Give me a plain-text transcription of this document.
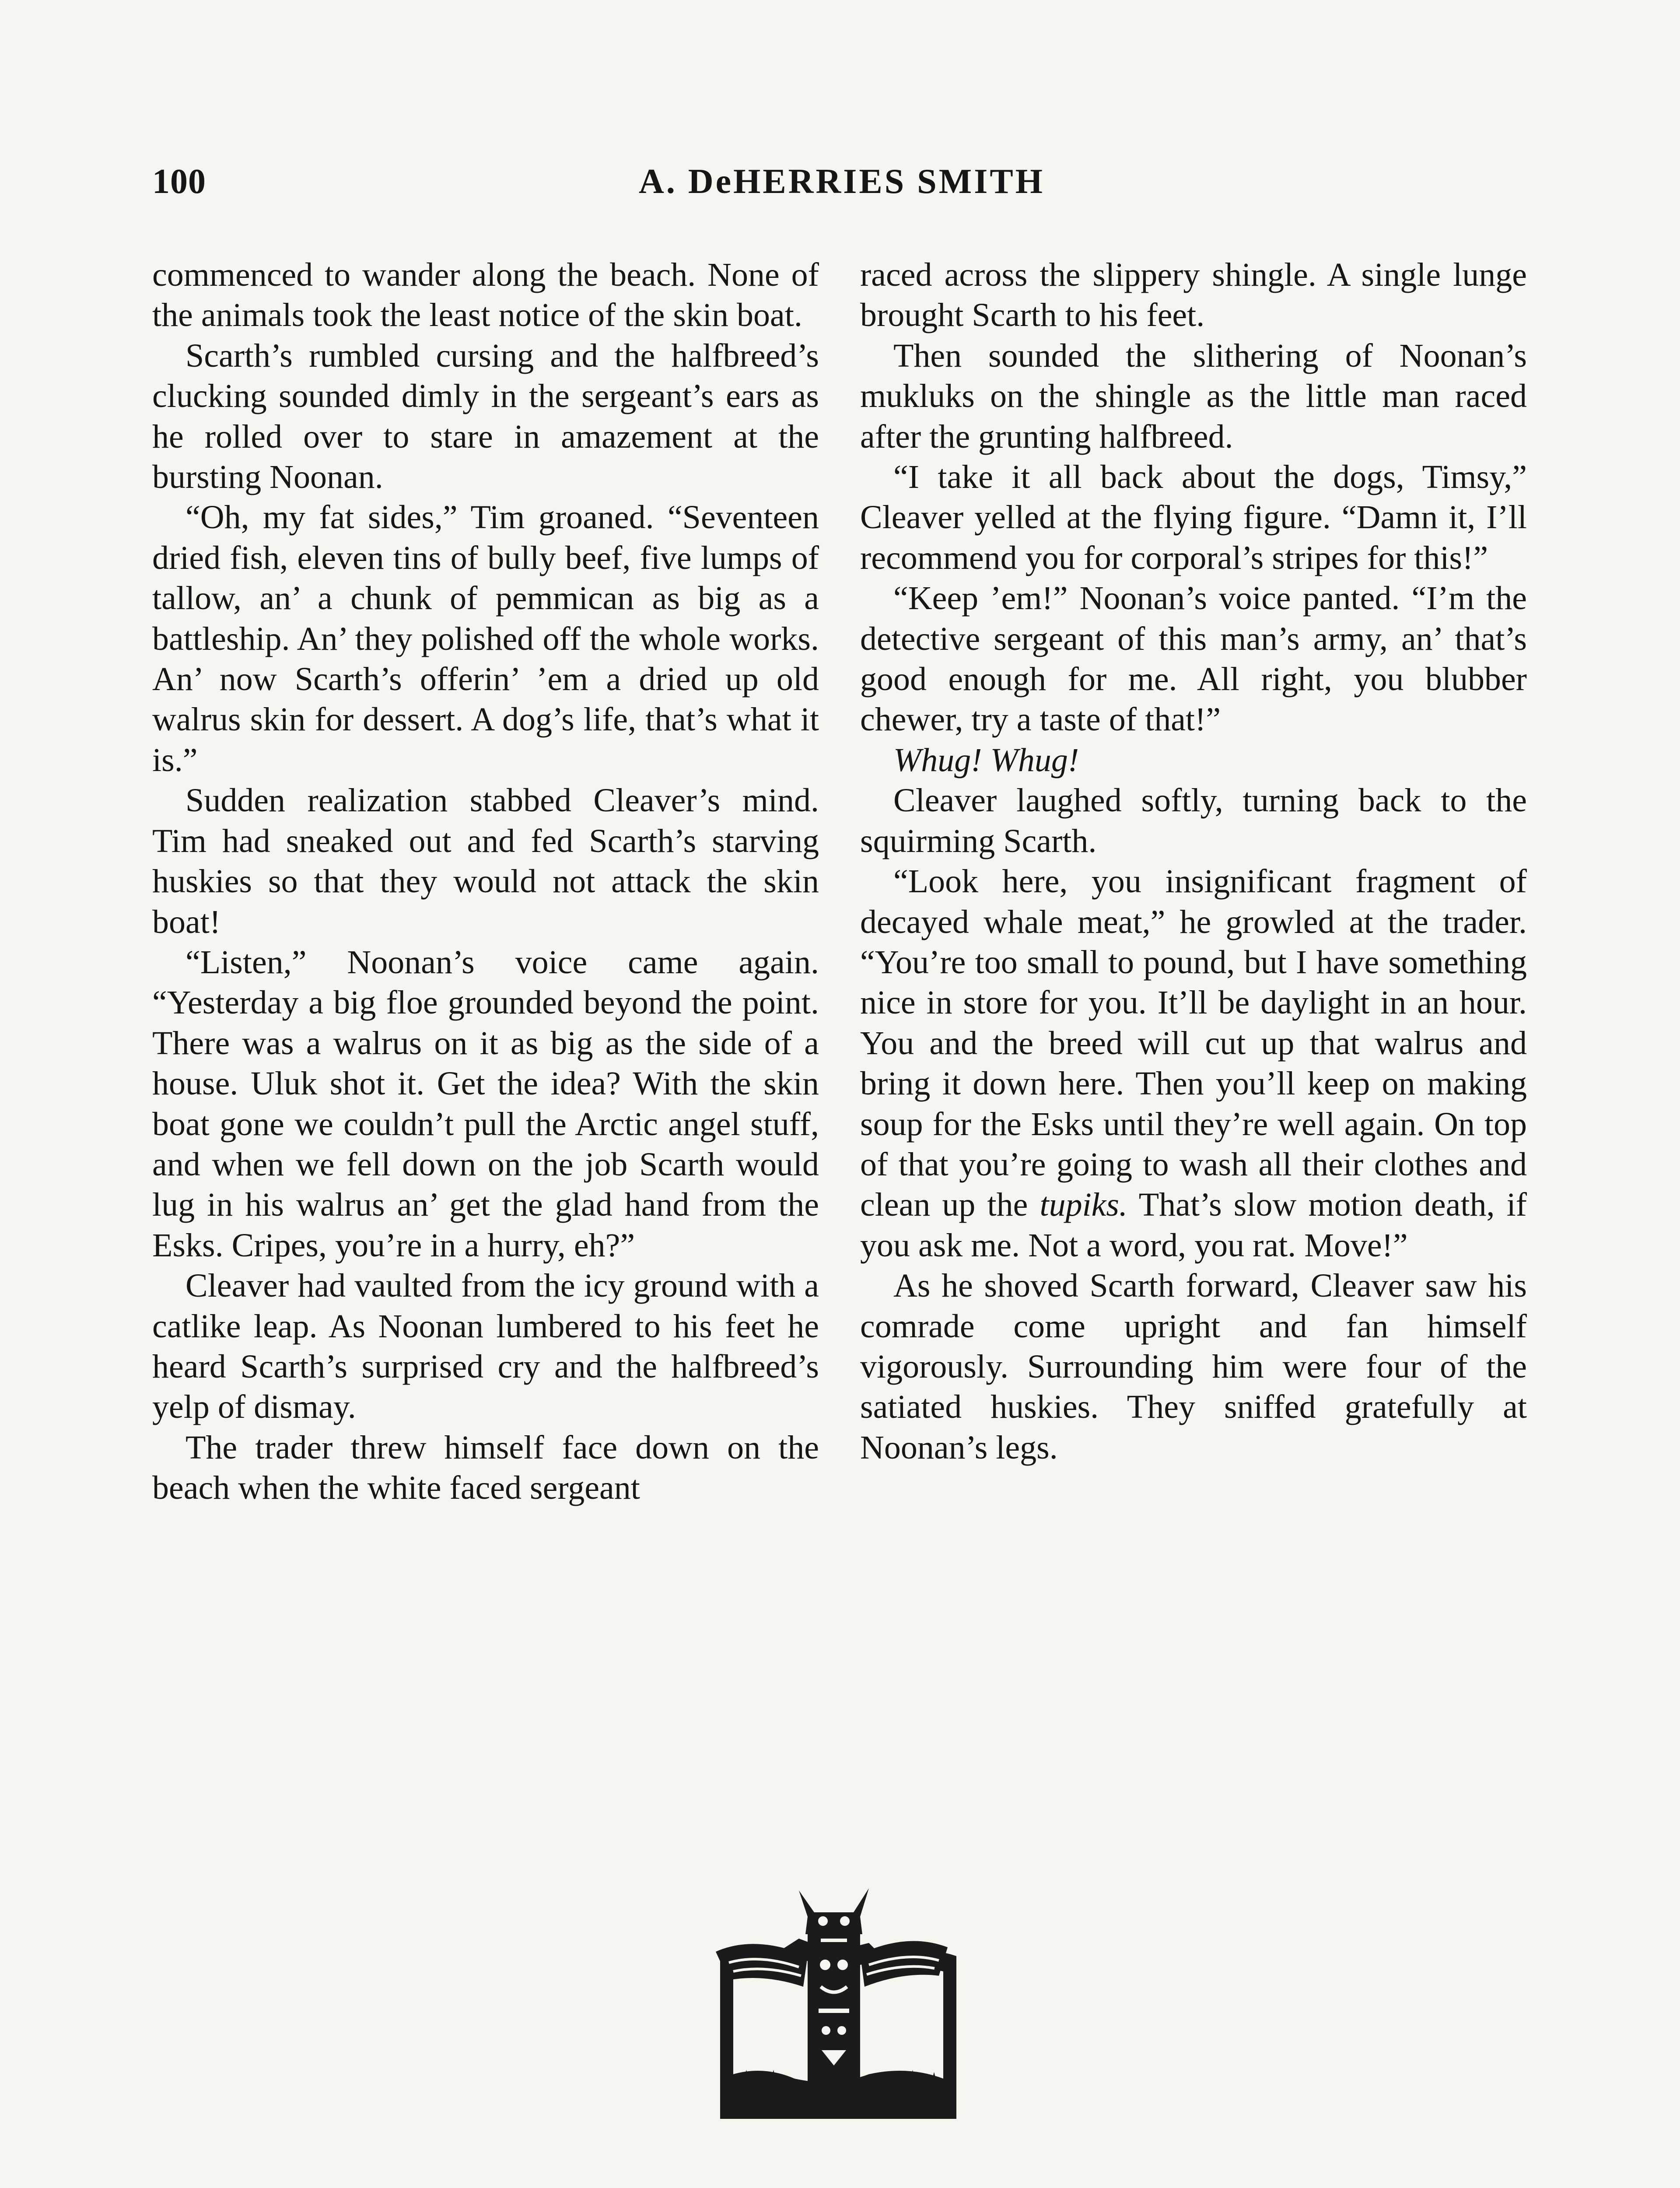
100	A. DeHERRIES SMITH

commenced to wander along the beach. None of the animals took the least notice of the skin boat.

Scarth’s rumbled cursing and the halfbreed’s clucking sounded dimly in the sergeant’s ears as he rolled over to stare in amazement at the bursting Noonan.

“Oh, my fat sides,” Tim groaned. “Seventeen dried fish, eleven tins of bully beef, five lumps of tallow, an’ a chunk of pemmican as big as a battleship. An’ they polished off the whole works. An’ now Scarth’s offerin’ ’em a dried up old walrus skin for dessert. A dog’s life, that’s what it is.”

Sudden realization stabbed Cleaver’s mind. Tim had sneaked out and fed Scarth’s starving huskies so that they would not attack the skin boat!

“Listen,” Noonan’s voice came again. “Yesterday a big floe grounded beyond the point. There was a walrus on it as big as the side of a house. Uluk shot it. Get the idea? With the skin boat gone we couldn’t pull the Arctic angel stuff, and when we fell down on the job Scarth would lug in his walrus an’ get the glad hand from the Esks. Cripes, you’re in a hurry, eh?”

Cleaver had vaulted from the icy ground with a catlike leap. As Noonan lumbered to his feet he heard Scarth’s surprised cry and the halfbreed’s yelp of dismay.

The trader threw himself face down on the beach when the white faced sergeant

raced across the slippery shingle. A single lunge brought Scarth to his feet.

Then sounded the slithering of Noonan’s mukluks on the shingle as the little man raced after the grunting halfbreed.

“I take it all back about the dogs, Timsy,” Cleaver yelled at the flying figure. “Damn it, I’ll recommend you for corporal’s stripes for this!”

“Keep ’em!” Noonan’s voice panted. “I’m the detective sergeant of this man’s army, an’ that’s good enough for me. All right, you blubber chewer, try a taste of that!”

Whug! Whug!

Cleaver laughed softly, turning back to the squirming Scarth.

“Look here, you insignificant fragment of decayed whale meat,” he growled at the trader. “You’re too small to pound, but I have something nice in store for you. It’ll be daylight in an hour. You and the breed will cut up that walrus and bring it down here. Then you’ll keep on making soup for the Esks until they’re well again. On top of that you’re going to wash all their clothes and clean up the tupiks. That’s slow motion death, if you ask me. Not a word, you rat. Move!”

As he shoved Scarth forward, Cleaver saw his comrade come upright and fan himself vigorously. Surrounding him were four of the satiated huskies. They sniffed gratefully at Noonan’s legs.
